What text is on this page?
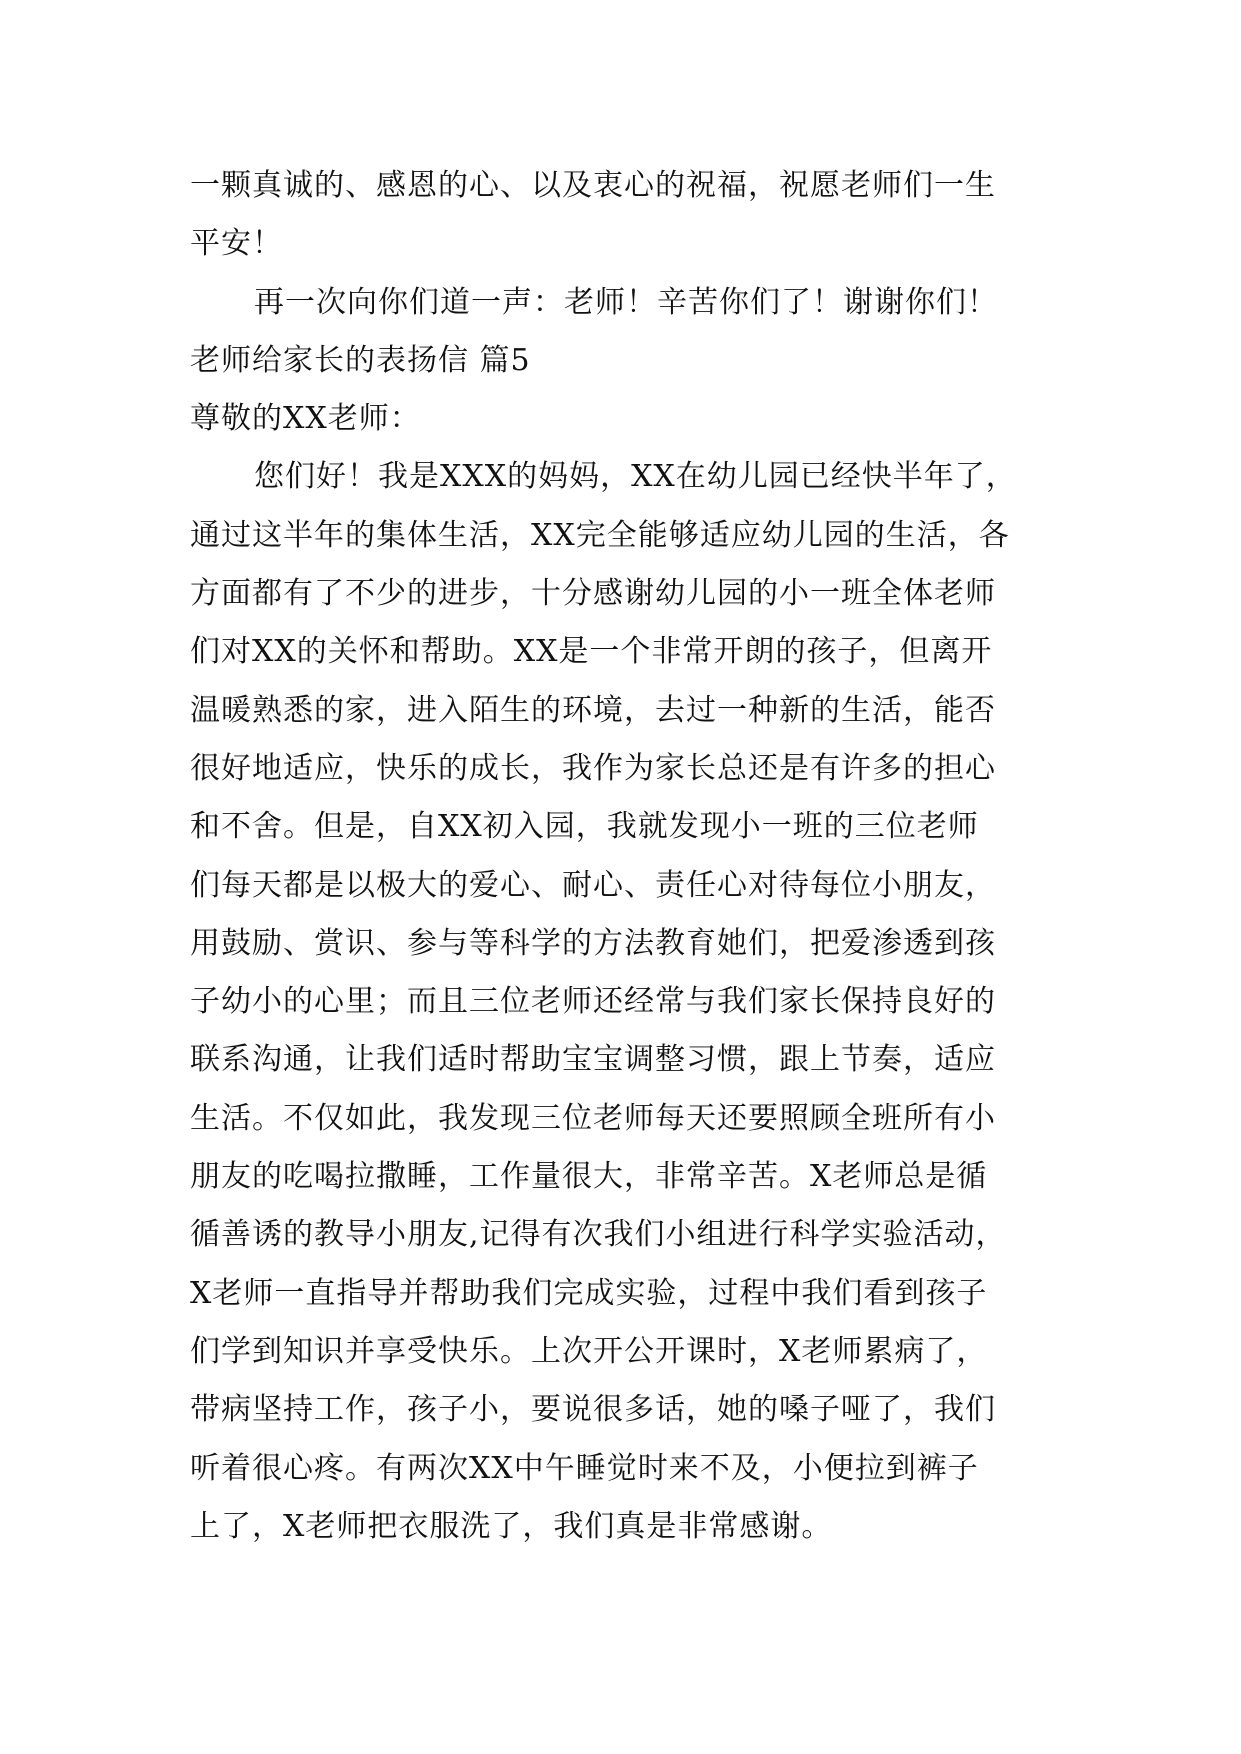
一颗真诚的、感恩的心、以及衷心的祝福，祝愿老师们一生
平安！
再一次向你们道一声：老师！辛苦你们了！谢谢你们！
老师给家长的表扬信 篇5
尊敬的XX老师：
您们好！我是XXX的妈妈，XX在幼儿园已经快半年了，
通过这半年的集体生活，XX完全能够适应幼儿园的生活，各
方面都有了不少的进步，十分感谢幼儿园的小一班全体老师
们对XX的关怀和帮助。XX是一个非常开朗的孩子，但离开
温暖熟悉的家，进入陌生的环境，去过一种新的生活，能否
很好地适应，快乐的成长，我作为家长总还是有许多的担心
和不舍。但是，自XX初入园，我就发现小一班的三位老师
们每天都是以极大的爱心、耐心、责任心对待每位小朋友，
用鼓励、赏识、参与等科学的方法教育她们，把爱渗透到孩
子幼小的心里；而且三位老师还经常与我们家长保持良好的
联系沟通，让我们适时帮助宝宝调整习惯，跟上节奏，适应
生活。不仅如此，我发现三位老师每天还要照顾全班所有小
朋友的吃喝拉撒睡，工作量很大，非常辛苦。X老师总是循
循善诱的教导小朋友,记得有次我们小组进行科学实验活动，
X老师一直指导并帮助我们完成实验，过程中我们看到孩子
们学到知识并享受快乐。上次开公开课时，X老师累病了，
带病坚持工作，孩子小，要说很多话，她的嗓子哑了，我们
听着很心疼。有两次XX中午睡觉时来不及，小便拉到裤子
上了，X老师把衣服洗了，我们真是非常感谢。
